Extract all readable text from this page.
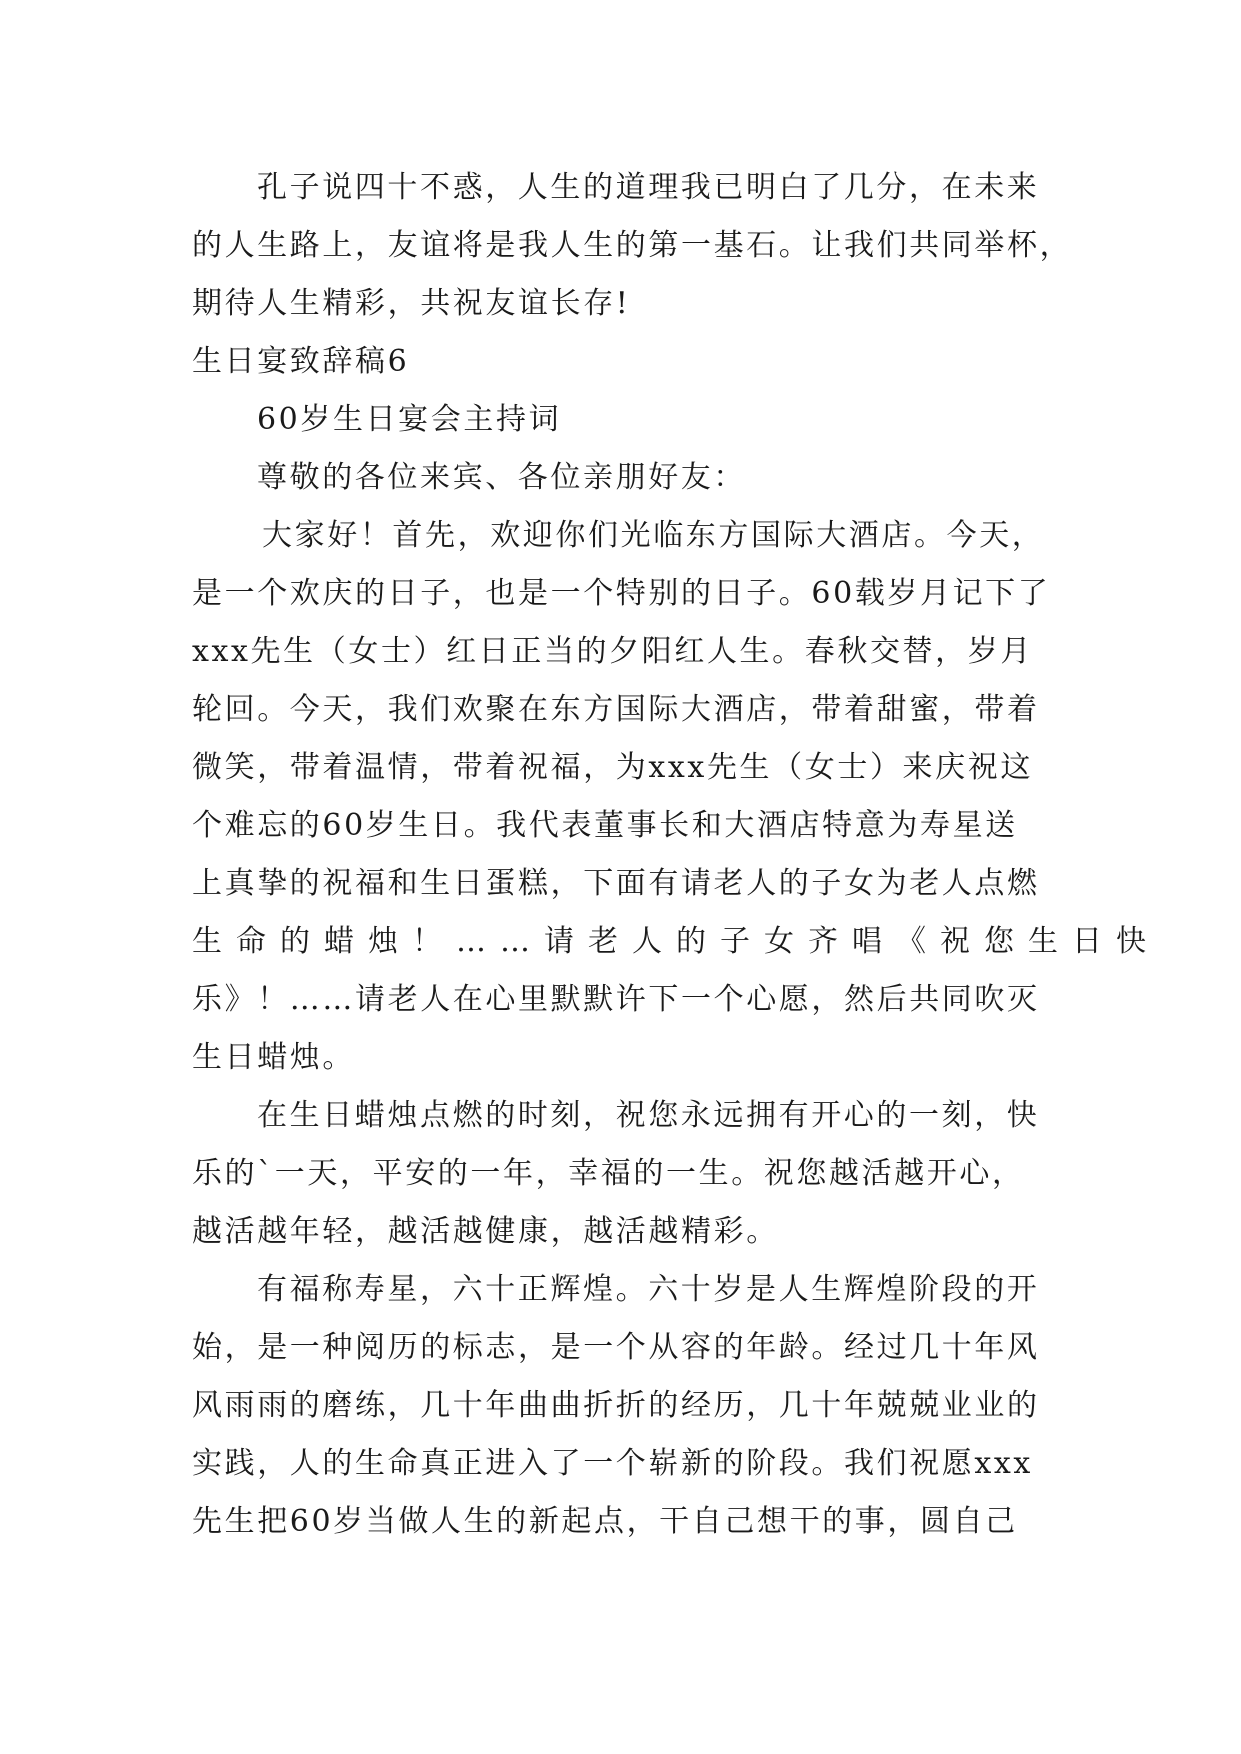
孔子说四十不惑，人生的道理我已明白了几分，在未来
的人生路上，友谊将是我人生的第一基石。让我们共同举杯，
期待人生精彩，共祝友谊长存!
生日宴致辞稿6
60岁生日宴会主持词
尊敬的各位来宾、各位亲朋好友：
大家好！首先，欢迎你们光临东方国际大酒店。今天，
是一个欢庆的日子，也是一个特别的日子。60载岁月记下了
xxx先生（女士）红日正当的夕阳红人生。春秋交替，岁月
轮回。今天，我们欢聚在东方国际大酒店，带着甜蜜，带着
微笑，带着温情，带着祝福，为xxx先生（女士）来庆祝这
个难忘的60岁生日。我代表董事长和大酒店特意为寿星送
上真挚的祝福和生日蛋糕，下面有请老人的子女为老人点燃
生命的蜡烛！……请老人的子女齐唱《祝您生日快
乐》！……请老人在心里默默许下一个心愿，然后共同吹灭
生日蜡烛。
在生日蜡烛点燃的时刻，祝您永远拥有开心的一刻，快
乐的`一天，平安的一年，幸福的一生。祝您越活越开心，
越活越年轻，越活越健康，越活越精彩。
有福称寿星，六十正辉煌。六十岁是人生辉煌阶段的开
始，是一种阅历的标志，是一个从容的年龄。经过几十年风
风雨雨的磨练，几十年曲曲折折的经历，几十年兢兢业业的
实践，人的生命真正进入了一个崭新的阶段。我们祝愿xxx
先生把60岁当做人生的新起点，干自己想干的事，圆自己
